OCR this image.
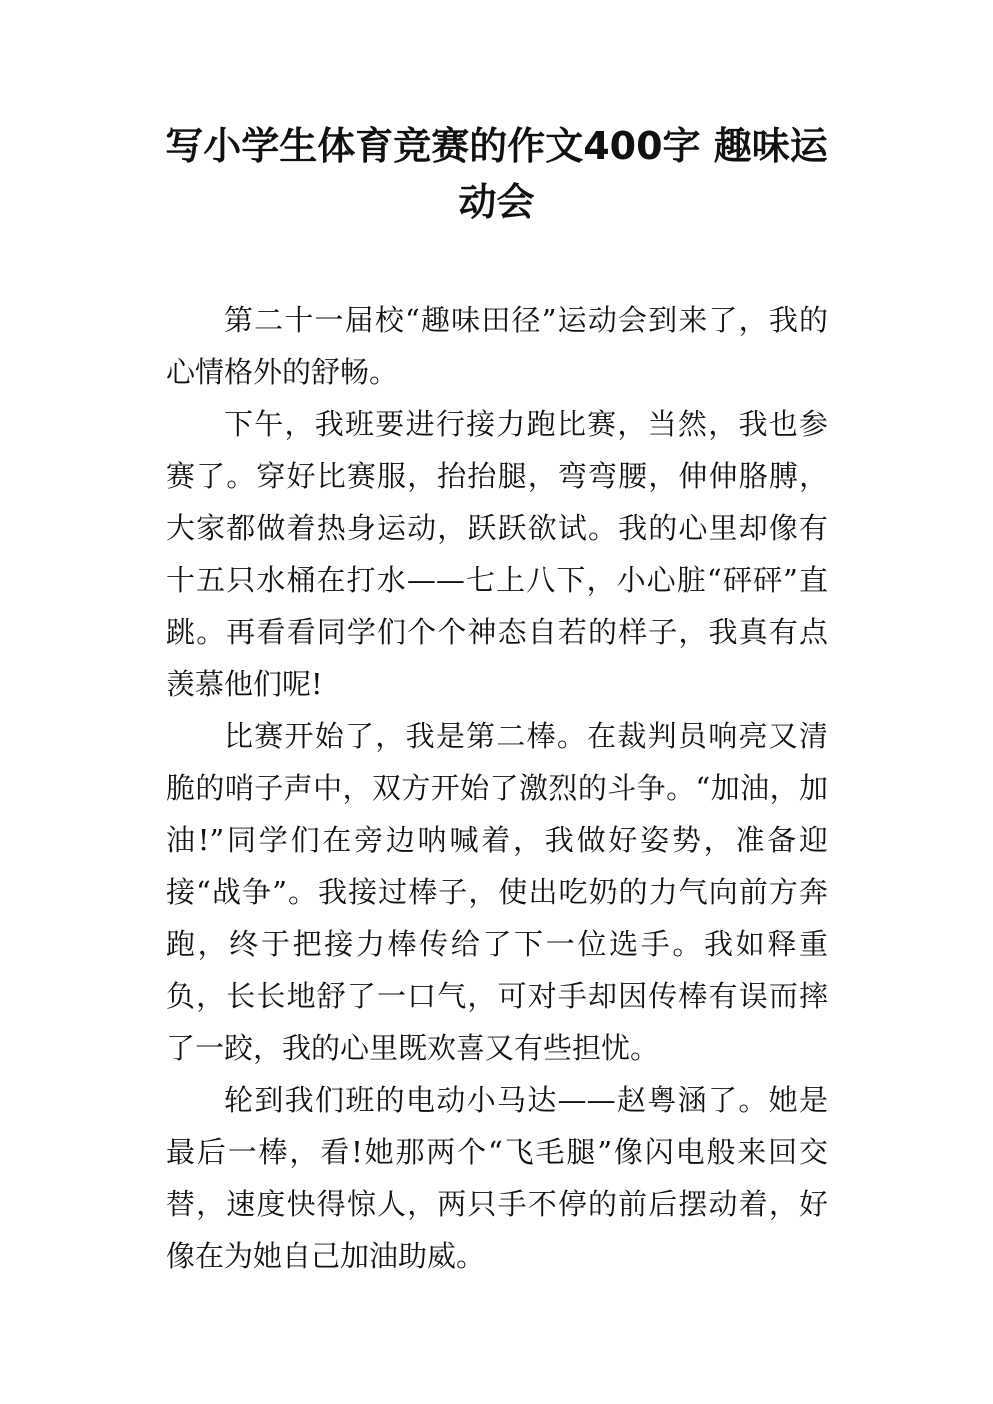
写小学生体育竞赛的作文400字 趣味运动会

第二十一届校“趣味田径”运动会到来了，我的心情格外的舒畅。

下午，我班要进行接力跑比赛，当然，我也参赛了。穿好比赛服，抬抬腿，弯弯腰，伸伸胳膊，大家都做着热身运动，跃跃欲试。我的心里却像有十五只水桶在打水——七上八下，小心脏“砰砰”直跳。再看看同学们个个神态自若的样子，我真有点羡慕他们呢!

比赛开始了，我是第二棒。在裁判员响亮又清脆的哨子声中，双方开始了激烈的斗争。“加油，加油!”同学们在旁边呐喊着，我做好姿势，准备迎接“战争”。我接过棒子，使出吃奶的力气向前方奔跑，终于把接力棒传给了下一位选手。我如释重负，长长地舒了一口气，可对手却因传棒有误而摔了一跤，我的心里既欢喜又有些担忧。

轮到我们班的电动小马达——赵粤涵了。她是最后一棒，看!她那两个“飞毛腿”像闪电般来回交替，速度快得惊人，两只手不停的前后摆动着，好像在为她自己加油助威。
